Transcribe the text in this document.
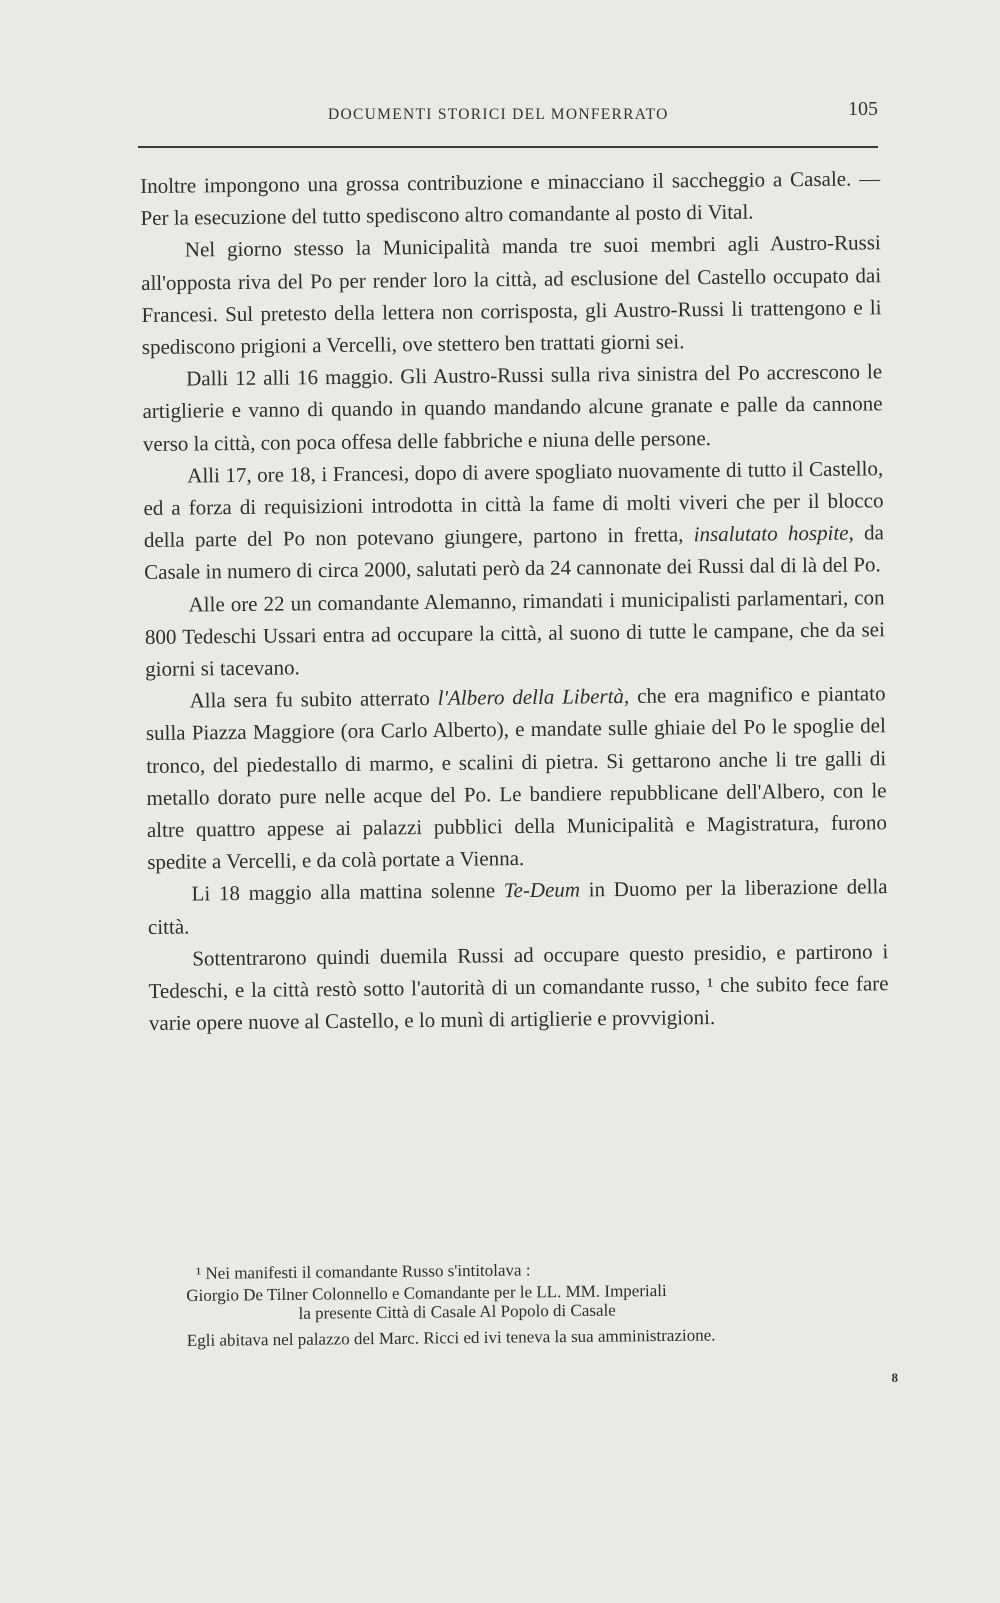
DOCUMENTI STORICI DEL MONFERRATO	105

Inoltre impongono una grossa contribuzione e minacciano il saccheggio a Casale. — Per la esecuzione del tutto spediscono altro comandante al posto di Vital.

Nel giorno stesso la Municipalità manda tre suoi membri agli Austro-Russi all'opposta riva del Po per render loro la città, ad esclusione del Castello occupato dai Francesi. Sul pretesto della lettera non corrisposta, gli Austro-Russi li trattengono e li spediscono prigioni a Vercelli, ove stettero ben trattati giorni sei.

Dalli 12 alli 16 maggio. Gli Austro-Russi sulla riva sinistra del Po accrescono le artiglierie e vanno di quando in quando mandando alcune granate e palle da cannone verso la città, con poca offesa delle fabbriche e niuna delle persone.

Alli 17, ore 18, i Francesi, dopo di avere spogliato nuovamente di tutto il Castello, ed a forza di requisizioni introdotta in città la fame di molti viveri che per il blocco della parte del Po non potevano giungere, partono in fretta, insalutato hospite, da Casale in numero di circa 2000, salutati però da 24 cannonate dei Russi dal di là del Po.

Alle ore 22 un comandante Alemanno, rimandati i municipalisti parlamentari, con 800 Tedeschi Ussari entra ad occupare la città, al suono di tutte le campane, che da sei giorni si tacevano.

Alla sera fu subito atterrato l'Albero della Libertà, che era magnifico e piantato sulla Piazza Maggiore (ora Carlo Alberto), e mandate sulle ghiaie del Po le spoglie del tronco, del piedestallo di marmo, e scalini di pietra. Si gettarono anche li tre galli di metallo dorato pure nelle acque del Po. Le bandiere repubblicane dell'Albero, con le altre quattro appese ai palazzi pubblici della Municipalità e Magistratura, furono spedite a Vercelli, e da colà portate a Vienna.

Li 18 maggio alla mattina solenne Te-Deum in Duomo per la liberazione della città.

Sottentrarono quindi duemila Russi ad occupare questo presidio, e partirono i Tedeschi, e la città restò sotto l'autorità di un comandante russo, ¹ che subito fece fare varie opere nuove al Castello, e lo munì di artiglierie e provvigioni.

¹ Nei manifesti il comandante Russo s'intitolava :

Giorgio De Tilner Colonnello e Comandante per le LL. MM. Imperiali

la presente Città di Casale Al Popolo di Casale

Egli abitava nel palazzo del Marc. Ricci ed ivi teneva la sua amministrazione.

8
